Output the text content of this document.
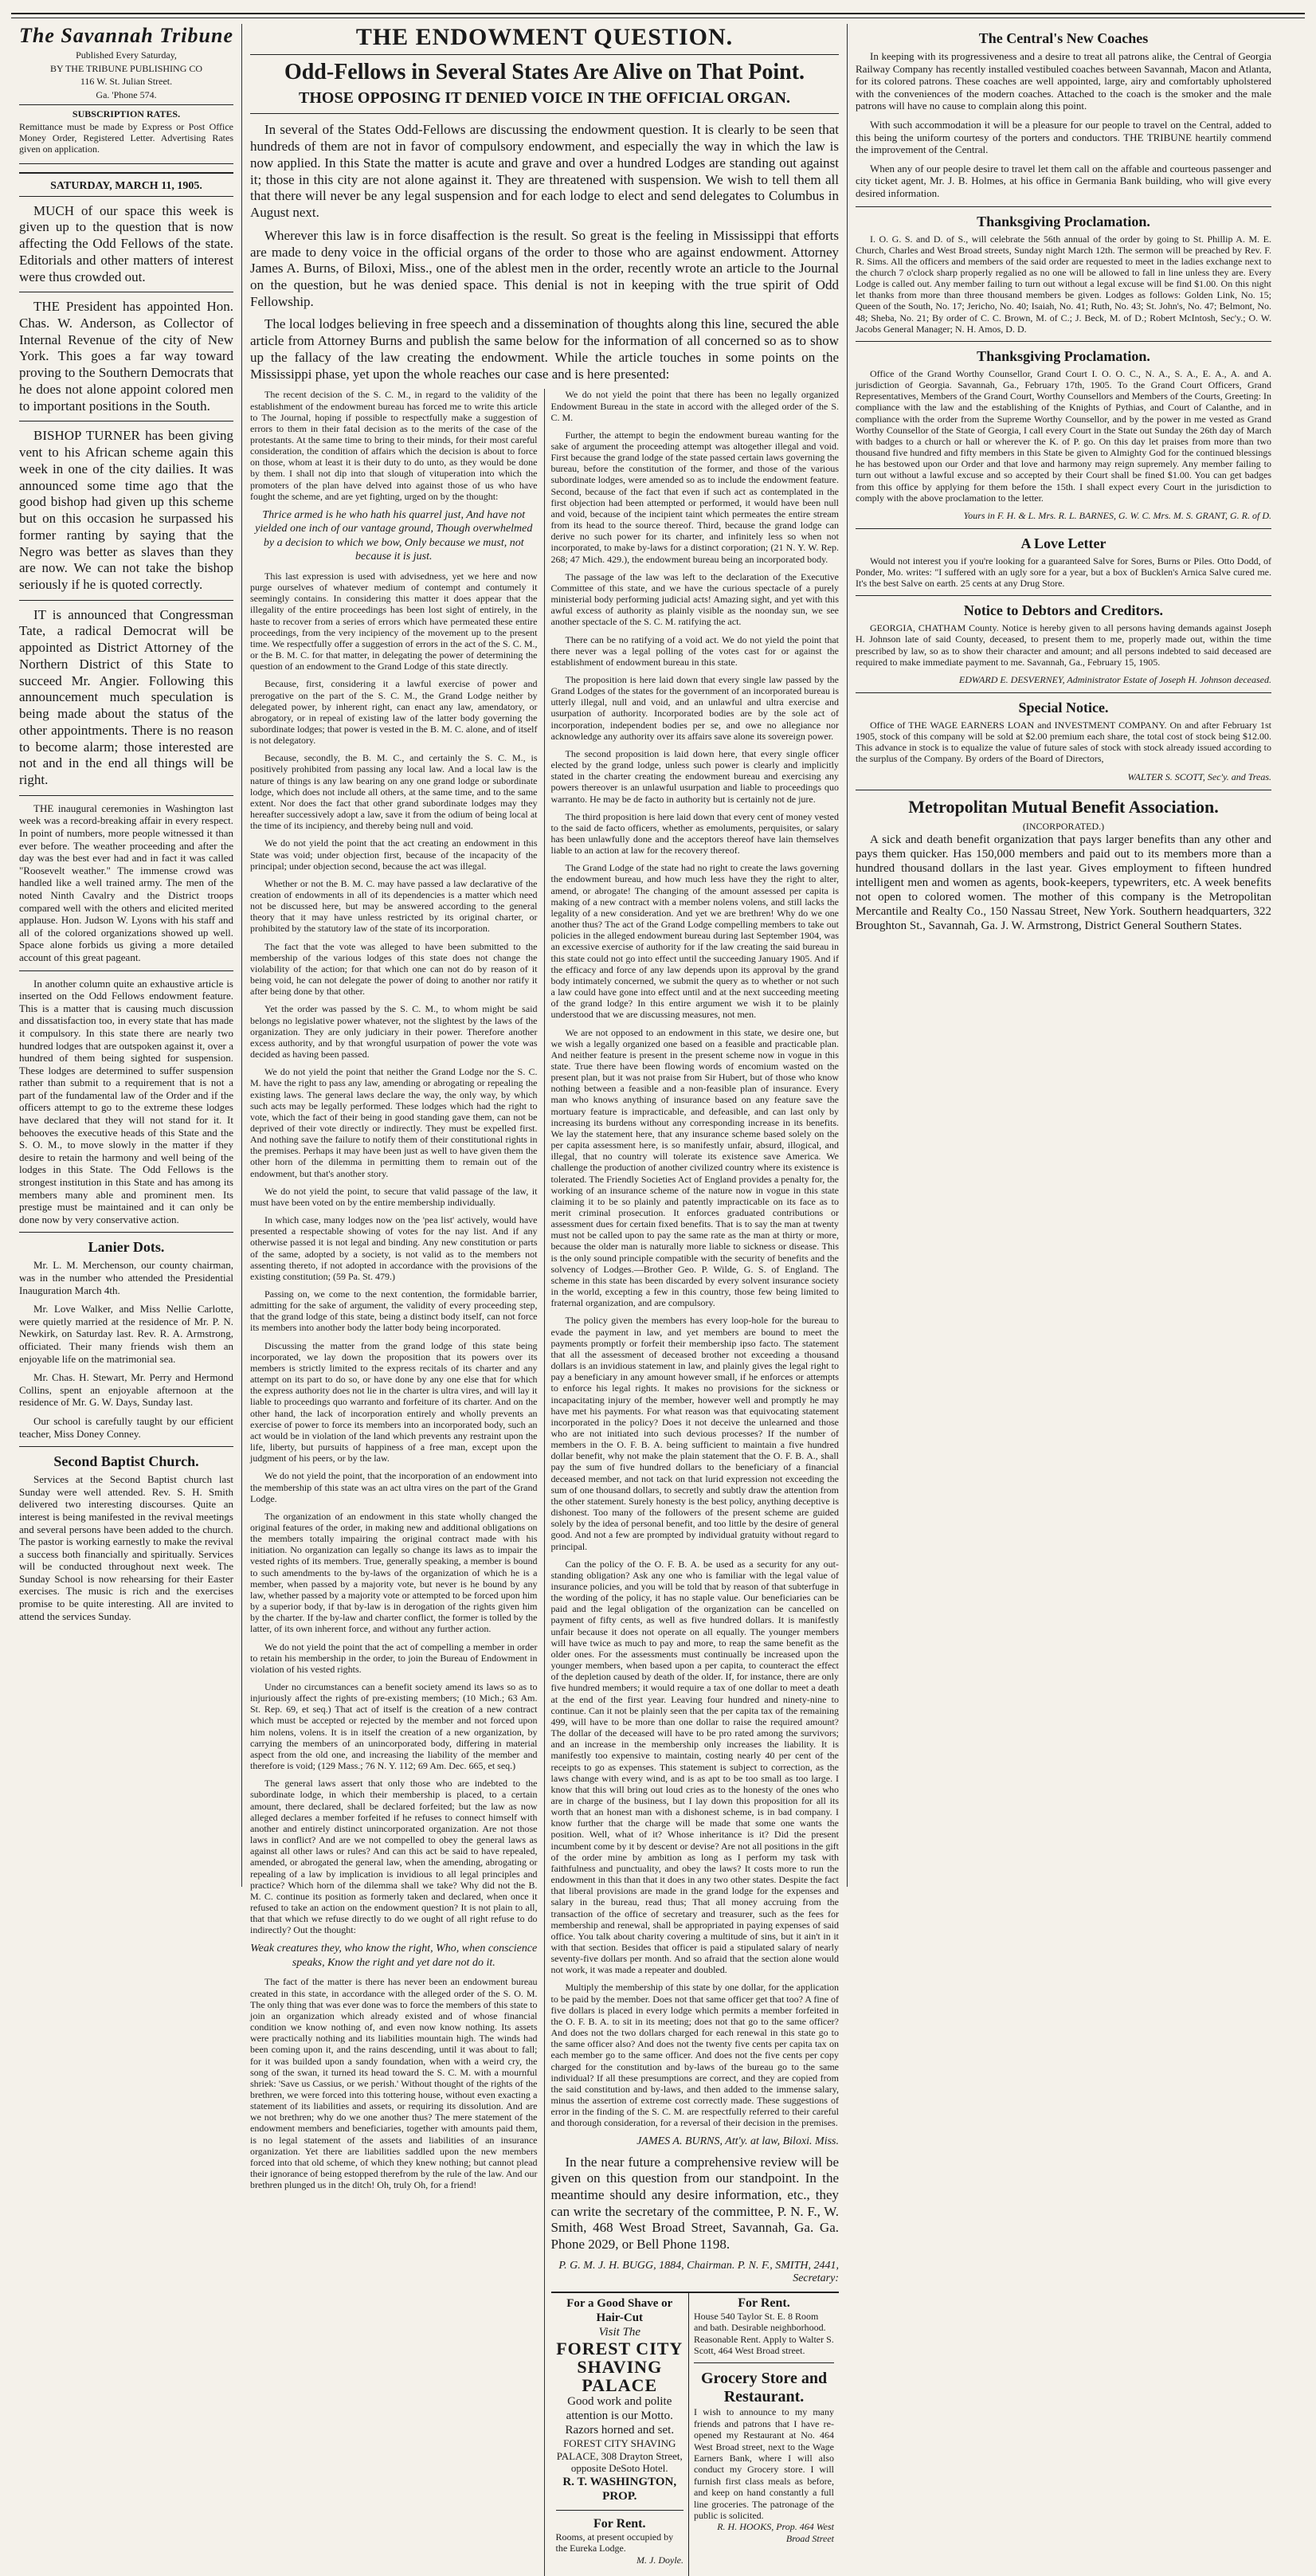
The Savannah Tribune

Published Every Saturday,

BY THE TRIBUNE PUBLISHING CO

116 W. St. Julian Street.

Ga. 'Phone 574.

SUBSCRIPTION RATES.

Remittance must be made by Express or Post Office Money Order, Registered Letter. Advertising Rates given on application.

SATURDAY, MARCH 11, 1905.

MUCH of our space this week is given up to the question that is now affecting the Odd Fellows of the state. Editorials and other matters of interest were thus crowded out.

THE President has appointed Hon. Chas. W. Anderson, as Collector of Internal Revenue of the city of New York. This goes a far way toward proving to the Southern Democrats that he does not alone appoint colored men to important positions in the South.

BISHOP TURNER has been giving vent to his African scheme again this week in one of the city dailies. It was announced some time ago that the good bishop had given up this scheme but on this occasion he surpassed his former ranting by saying that the Negro was better as slaves than they are now. We can not take the bishop seriously if he is quoted correctly.

IT is announced that Congressman Tate, a radical Democrat will be appointed as District Attorney of the Northern District of this State to succeed Mr. Angier. Following this announcement much speculation is being made about the status of the other appointments. There is no reason to become alarm; those interested are not and in the end all things will be right.

THE inaugural ceremonies in Washington last week was a record-breaking affair in every respect. In point of numbers, more people witnessed it than ever before. The weather proceeding and after the day was the best ever had and in fact it was called "Roosevelt weather." The immense crowd was handled like a well trained army. The men of the noted Ninth Cavalry and the District troops compared well with the others and elicited merited applause. Hon. Judson W. Lyons with his staff and all of the colored organizations showed up well. Space alone forbids us giving a more detailed account of this great pageant.

In another column quite an exhaustive article is inserted on the Odd Fellows endowment feature. This is a matter that is causing much discussion and dissatisfaction too, in every state that has made it compulsory. In this state there are nearly two hundred lodges that are outspoken against it, over a hundred of them being sighted for suspension. These lodges are determined to suffer suspension rather than submit to a requirement that is not a part of the fundamental law of the Order and if the officers attempt to go to the extreme these lodges have declared that they will not stand for it. It behooves the executive heads of this State and the S. O. M., to move slowly in the matter if they desire to retain the harmony and well being of the lodges in this State. The Odd Fellows is the strongest institution in this State and has among its members many able and prominent men. Its prestige must be maintained and it can only be done now by very conservative action.

Lanier Dots.

Mr. L. M. Merchenson, our county chairman, was in the number who attended the Presidential Inauguration March 4th.

Mr. Love Walker, and Miss Nellie Carlotte, were quietly married at the residence of Mr. P. N. Newkirk, on Saturday last. Rev. R. A. Armstrong, officiated. Their many friends wish them an enjoyable life on the matrimonial sea.

Mr. Chas. H. Stewart, Mr. Perry and Hermond Collins, spent an enjoyable afternoon at the residence of Mr. G. W. Days, Sunday last.

Our school is carefully taught by our efficient teacher, Miss Doney Conney.

Second Baptist Church.

Services at the Second Baptist church last Sunday were well attended. Rev. S. H. Smith delivered two interesting discourses. Quite an interest is being manifested in the revival meetings and several persons have been added to the church. The pastor is working earnestly to make the revival a success both financially and spiritually. Services will be conducted throughout next week. The Sunday School is now rehearsing for their Easter exercises. The music is rich and the exercises promise to be quite interesting. All are invited to attend the services Sunday.

THE ENDOWMENT QUESTION.
Odd-Fellows in Several States Are Alive on That Point.
THOSE OPPOSING IT DENIED VOICE IN THE OFFICIAL ORGAN.

In several of the States Odd-Fellows are discussing the endowment question. It is clearly to be seen that hundreds of them are not in favor of compulsory endowment, and especially the way in which the law is now applied. In this State the matter is acute and grave and over a hundred Lodges are standing out against it; those in this city are not alone against it. They are threatened with suspension. We wish to tell them all that there will never be any legal suspension and for each lodge to elect and send delegates to Columbus in August next.

Wherever this law is in force disaffection is the result. So great is the feeling in Mississippi that efforts are made to deny voice in the official organs of the order to those who are against endowment. Attorney James A. Burns, of Biloxi, Miss., one of the ablest men in the order, recently wrote an article to the Journal on the question, but he was denied space. This denial is not in keeping with the true spirit of Odd Fellowship.

The local lodges believing in free speech and a dissemination of thoughts along this line, secured the able article from Attorney Burns and publish the same below for the information of all concerned so as to show up the fallacy of the law creating the endowment. While the article touches in some points on the Mississippi phase, yet upon the whole reaches our case and is here presented:

The recent decision of the S. C. M., in regard to the validity of the establishment of the endowment bureau has forced me to write this article to The Journal, hoping if possible to respectfully make a suggestion of errors to them in their fatal decision as to the merits of the case of the protestants. At the same time to bring to their minds, for their most careful consideration, the condition of affairs which the decision is about to force on those, whom at least it is their duty to do unto, as they would be done by them. I shall not dip into that slough of vituperation into which the promoters of the plan have delved into against those of us who have fought the scheme, and are yet fighting, urged on by the thought:

Thrice armed is he who hath his quarrel just, And have not yielded one inch of our vantage ground, Though overwhelmed by a decision to which we bow, Only because we must, not because it is just.

This last expression is used with advisedness, yet we here and now purge ourselves of whatever medium of contempt and contumely it seemingly contains. In considering this matter it does appear that the illegality of the entire proceedings has been lost sight of entirely, in the haste to recover from a series of errors which have permeated these entire proceedings, from the very incipiency of the movement up to the present time. We respectfully offer a suggestion of errors in the act of the S. C. M., or the B. M. C. for that matter, in delegating the power of determining the question of an endowment to the Grand Lodge of this state directly.

Because, first, considering it a lawful exercise of power and prerogative on the part of the S. C. M., the Grand Lodge neither by delegated power, by inherent right, can enact any law, amendatory, or abrogatory, or in repeal of existing law of the latter body governing the subordinate lodges; that power is vested in the B. M. C. alone, and of itself is not delegatory.

Because, secondly, the B. M. C., and certainly the S. C. M., is positively prohibited from passing any local law. And a local law is the nature of things is any law bearing on any one grand lodge or subordinate lodge, which does not include all others, at the same time, and to the same extent. Nor does the fact that other grand subordinate lodges may they hereafter successively adopt a law, save it from the odium of being local at the time of its incipiency, and thereby being null and void.

We do not yield the point that the act creating an endowment in this State was void; under objection first, because of the incapacity of the principal; under objection second, because the act was illegal.

Whether or not the B. M. C. may have passed a law declarative of the creation of endowments in all of its dependencies is a matter which need not be discussed here, but may be answered according to the general theory that it may have unless restricted by its original charter, or prohibited by the statutory law of the state of its incorporation.

The fact that the vote was alleged to have been submitted to the membership of the various lodges of this state does not change the violability of the action; for that which one can not do by reason of it being void, he can not delegate the power of doing to another nor ratify it after being done by that other.

Yet the order was passed by the S. C. M., to whom might be said belongs no legislative power whatever, not the slightest by the laws of the organization. They are only judiciary in their power. Therefore another excess authority, and by that wrongful usurpation of power the vote was decided as having been passed.

We do not yield the point that neither the Grand Lodge nor the S. C. M. have the right to pass any law, amending or abrogating or repealing the existing laws. The general laws declare the way, the only way, by which such acts may be legally performed. These lodges which had the right to vote, which the fact of their being in good standing gave them, can not be deprived of their vote directly or indirectly. They must be expelled first. And nothing save the failure to notify them of their constitutional rights in the premises. Perhaps it may have been just as well to have given them the other horn of the dilemma in permitting them to remain out of the endowment, but that's another story.

We do not yield the point, to secure that valid passage of the law, it must have been voted on by the entire membership individually.

In which case, many lodges now on the 'pea list' actively, would have presented a respectable showing of votes for the nay list. And if any otherwise passed it is not legal and binding. Any new constitution or parts of the same, adopted by a society, is not valid as to the members not assenting thereto, if not adopted in accordance with the provisions of the existing constitution; (59 Pa. St. 479.)

Passing on, we come to the next contention, the formidable barrier, admitting for the sake of argument, the validity of every proceeding step, that the grand lodge of this state, being a distinct body itself, can not force its members into another body the latter body being incorporated.

Discussing the matter from the grand lodge of this state being incorporated, we lay down the proposition that its powers over its members is strictly limited to the express recitals of its charter and any attempt on its part to do so, or have done by any one else that for which the express authority does not lie in the charter is ultra vires, and will lay it liable to proceedings quo warranto and forfeiture of its charter. And on the other hand, the lack of incorporation entirely and wholly prevents an exercise of power to force its members into an incorporated body, such an act would be in violation of the land which prevents any restraint upon the life, liberty, but pursuits of happiness of a free man, except upon the judgment of his peers, or by the law.

We do not yield the point, that the incorporation of an endowment into the membership of this state was an act ultra vires on the part of the Grand Lodge.

The organization of an endowment in this state wholly changed the original features of the order, in making new and additional obligations on the members totally impairing the original contract made with his initiation. No organization can legally so change its laws as to impair the vested rights of its members. True, generally speaking, a member is bound to such amendments to the by-laws of the organization of which he is a member, when passed by a majority vote, but never is he bound by any law, whether passed by a majority vote or attempted to be forced upon him by a superior body, if that by-law is in derogation of the rights given him by the charter. If the by-law and charter conflict, the former is tolled by the latter, of its own inherent force, and without any further action.

We do not yield the point that the act of compelling a member in order to retain his membership in the order, to join the Bureau of Endowment in violation of his vested rights.

Under no circumstances can a benefit society amend its laws so as to injuriously affect the rights of pre-existing members; (10 Mich.; 63 Am. St. Rep. 69, et seq.) That act of itself is the creation of a new contract which must be accepted or rejected by the member and not forced upon him nolens, volens. It is in itself the creation of a new organization, by carrying the members of an unincorporated body, differing in material aspect from the old one, and increasing the liability of the member and therefore is void; (129 Mass.; 76 N. Y. 112; 69 Am. Dec. 665, et seq.)

The general laws assert that only those who are indebted to the subordinate lodge, in which their membership is placed, to a certain amount, there declared, shall be declared forfeited; but the law as now alleged declares a member forfeited if he refuses to connect himself with another and entirely distinct unincorporated organization. Are not those laws in conflict? And are we not compelled to obey the general laws as against all other laws or rules? And can this act be said to have repealed, amended, or abrogated the general law, when the amending, abrogating or repealing of a law by implication is invidious to all legal principles and practice? Which horn of the dilemma shall we take? Why did not the B. M. C. continue its position as formerly taken and declared, when once it refused to take an action on the endowment question? It is not plain to all, that that which we refuse directly to do we ought of all right refuse to do indirectly? Out the thought:

Weak creatures they, who know the right, Who, when conscience speaks, Know the right and yet dare not do it.

The fact of the matter is there has never been an endowment bureau created in this state, in accordance with the alleged order of the S. O. M. The only thing that was ever done was to force the members of this state to join an organization which already existed and of whose financial condition we know nothing of, and even now know nothing. Its assets were practically nothing and its liabilities mountain high. The winds had been coming upon it, and the rains descending, until it was about to fall; for it was builded upon a sandy foundation, when with a weird cry, the song of the swan, it turned its head toward the S. C. M. with a mournful shriek: 'Save us Cassius, or we perish.' Without thought of the rights of the brethren, we were forced into this tottering house, without even exacting a statement of its liabilities and assets, or requiring its dissolution. And are we not brethren; why do we one another thus? The mere statement of the endowment members and beneficiaries, together with amounts paid them, is no legal statement of the assets and liabilities of an insurance organization. Yet there are liabilities saddled upon the new members forced into that old scheme, of which they knew nothing; but cannot plead their ignorance of being estopped therefrom by the rule of the law. And our brethren plunged us in the ditch! Oh, truly Oh, for a friend!

We do not yield the point that there has been no legally organized Endowment Bureau in the state in accord with the alleged order of the S. C. M.

Further, the attempt to begin the endowment bureau wanting for the sake of argument the proceeding attempt was altogether illegal and void. First because the grand lodge of the state passed certain laws governing the bureau, before the constitution of the former, and those of the various subordinate lodges, were amended so as to include the endowment feature. Second, because of the fact that even if such act as contemplated in the first objection had been attempted or performed, it would have been null and void, because of the incipient taint which permeates the entire stream from its head to the source thereof. Third, because the grand lodge can derive no such power for its charter, and infinitely less so when not incorporated, to make by-laws for a distinct corporation; (21 N. Y. W. Rep. 268; 47 Mich. 429.), the endowment bureau being an incorporated body.

The passage of the law was left to the declaration of the Executive Committee of this state, and we have the curious spectacle of a purely ministerial body performing judicial acts! Amazing sight, and yet with this awful excess of authority as plainly visible as the noonday sun, we see another spectacle of the S. C. M. ratifying the act.

There can be no ratifying of a void act. We do not yield the point that there never was a legal polling of the votes cast for or against the establishment of endowment bureau in this state.

The proposition is here laid down that every single law passed by the Grand Lodges of the states for the government of an incorporated bureau is utterly illegal, null and void, and an unlawful and ultra exercise and usurpation of authority. Incorporated bodies are by the sole act of incorporation, independent bodies per se, and owe no allegiance nor acknowledge any authority over its affairs save alone its sovereign power.

The second proposition is laid down here, that every single officer elected by the grand lodge, unless such power is clearly and implicitly stated in the charter creating the endowment bureau and exercising any powers thereover is an unlawful usurpation and liable to proceedings quo warranto. He may be de facto in authority but is certainly not de jure.

The third proposition is here laid down that every cent of money vested to the said de facto officers, whether as emoluments, perquisites, or salary has been unlawfully done and the acceptors thereof have lain themselves liable to an action at law for the recovery thereof.

The Grand Lodge of the state had no right to create the laws governing the endowment bureau, and how much less have they the right to alter, amend, or abrogate! The changing of the amount assessed per capita is making of a new contract with a member nolens volens, and still lacks the legality of a new consideration. And yet we are brethren! Why do we one another thus? The act of the Grand Lodge compelling members to take out policies in the alleged endowment bureau during last September 1904, was an excessive exercise of authority for if the law creating the said bureau in this state could not go into effect until the succeeding January 1905. And if the efficacy and force of any law depends upon its approval by the grand body intimately concerned, we submit the query as to whether or not such a law could have gone into effect until and at the next succeeding meeting of the grand lodge? In this entire argument we wish it to be plainly understood that we are discussing measures, not men.

We are not opposed to an endowment in this state, we desire one, but we wish a legally organized one based on a feasible and practicable plan. And neither feature is present in the present scheme now in vogue in this state. True there have been flowing words of encomium wasted on the present plan, but it was not praise from Sir Hubert, but of those who know nothing between a feasible and a non-feasible plan of insurance. Every man who knows anything of insurance based on any feature save the mortuary feature is impracticable, and defeasible, and can last only by increasing its burdens without any corresponding increase in its benefits. We lay the statement here, that any insurance scheme based solely on the per capita assessment here, is so manifestly unfair, absurd, illogical, and illegal, that no country will tolerate its existence save America. We challenge the production of another civilized country where its existence is tolerated. The Friendly Societies Act of England provides a penalty for, the working of an insurance scheme of the nature now in vogue in this state claiming it to be so plainly and patently impracticable on its face as to merit criminal prosecution. It enforces graduated contributions or assessment dues for certain fixed benefits. That is to say the man at twenty must not be called upon to pay the same rate as the man at thirty or more, because the older man is naturally more liable to sickness or disease. This is the only sound principle compatible with the security of benefits and the solvency of Lodges.—Brother Geo. P. Wilde, G. S. of England. The scheme in this state has been discarded by every solvent insurance society in the world, excepting a few in this country, those few being limited to fraternal organization, and are compulsory.

The policy given the members has every loop-hole for the bureau to evade the payment in law, and yet members are bound to meet the payments promptly or forfeit their membership ipso facto. The statement that all the assessment of deceased brother not exceeding a thousand dollars is an invidious statement in law, and plainly gives the legal right to pay a beneficiary in any amount however small, if he enforces or attempts to enforce his legal rights. It makes no provisions for the sickness or incapacitating injury of the member, however well and promptly he may have met his payments. For what reason was that equivocating statement incorporated in the policy? Does it not deceive the unlearned and those who are not initiated into such devious processes? If the number of members in the O. F. B. A. being sufficient to maintain a five hundred dollar benefit, why not make the plain statement that the O. F. B. A., shall pay the sum of five hundred dollars to the beneficiary of a financial deceased member, and not tack on that lurid expression not exceeding the sum of one thousand dollars, to secretly and subtly draw the attention from the other statement. Surely honesty is the best policy, anything deceptive is dishonest. Too many of the followers of the present scheme are guided solely by the idea of personal benefit, and too little by the desire of general good. And not a few are prompted by individual gratuity without regard to principal.

Can the policy of the O. F. B. A. be used as a security for any out-standing obligation? Ask any one who is familiar with the legal value of insurance policies, and you will be told that by reason of that subterfuge in the wording of the policy, it has no staple value. Our beneficiaries can be paid and the legal obligation of the organization can be cancelled on payment of fifty cents, as well as five hundred dollars. It is manifestly unfair because it does not operate on all equally. The younger members will have twice as much to pay and more, to reap the same benefit as the older ones. For the assessments must continually be increased upon the younger members, when based upon a per capita, to counteract the effect of the depletion caused by death of the older. If, for instance, there are only five hundred members; it would require a tax of one dollar to meet a death at the end of the first year. Leaving four hundred and ninety-nine to continue. Can it not be plainly seen that the per capita tax of the remaining 499, will have to be more than one dollar to raise the required amount? The dollar of the deceased will have to be pro rated among the survivors; and an increase in the membership only increases the liability. It is manifestly too expensive to maintain, costing nearly 40 per cent of the receipts to go as expenses. This statement is subject to correction, as the laws change with every wind, and is as apt to be too small as too large. I know that this will bring out loud cries as to the honesty of the ones who are in charge of the business, but I lay down this proposition for all its worth that an honest man with a dishonest scheme, is in bad company. I know further that the charge will be made that some one wants the position. Well, what of it? Whose inheritance is it? Did the present incumbent come by it by descent or devise? Are not all positions in the gift of the order mine by ambition as long as I perform my task with faithfulness and punctuality, and obey the laws? It costs more to run the endowment in this than that it does in any two other states. Despite the fact that liberal provisions are made in the grand lodge for the expenses and salary in the bureau, read thus; That all money accruing from the transaction of the office of secretary and treasurer, such as the fees for membership and renewal, shall be appropriated in paying expenses of said office. You talk about charity covering a multitude of sins, but it ain't in it with that section. Besides that officer is paid a stipulated salary of nearly seventy-five dollars per month. And so afraid that the section alone would not work, it was made a repeater and doubled.

Multiply the membership of this state by one dollar, for the application to be paid by the member. Does not that same officer get that too? A fine of five dollars is placed in every lodge which permits a member forfeited in the O. F. B. A. to sit in its meeting; does not that go to the same officer? And does not the two dollars charged for each renewal in this state go to the same officer also? And does not the twenty five cents per capita tax on each member go to the same officer. And does not the five cents per copy charged for the constitution and by-laws of the bureau go to the same individual? If all these presumptions are correct, and they are copied from the said constitution and by-laws, and then added to the immense salary, minus the assertion of extreme cost correctly made. These suggestions of error in the finding of the S. C. M. are respectfully referred to their careful and thorough consideration, for a reversal of their decision in the premises.

JAMES A. BURNS, Att'y. at law, Biloxi. Miss.

In the near future a comprehensive review will be given on this question from our standpoint. In the meantime should any desire information, etc., they can write the secretary of the committee, P. N. F., W. Smith, 468 West Broad Street, Savannah, Ga. Ga. Phone 2029, or Bell Phone 1198.

P. G. M. J. H. BUGG, 1884, Chairman. P. N. F., SMITH, 2441, Secretary:
For a Good Shave or Hair-Cut
Visit The
FOREST CITY SHAVING PALACE
Good work and polite attention is our Motto. Razors horned and set.
FOREST CITY SHAVING PALACE, 308 Drayton Street, opposite DeSoto Hotel.
R. T. WASHINGTON, PROP.
For Rent.
Rooms, at present occupied by the Eureka Lodge.
M. J. Doyle.
For Rent.
House 540 Taylor St. E. 8 Room and bath. Desirable neighborhood. Reasonable Rent. Apply to Walter S. Scott, 464 West Broad street.
Grocery Store and Restaurant.
I wish to announce to my many friends and patrons that I have re-opened my Restaurant at No. 464 West Broad street, next to the Wage Earners Bank, where I will also conduct my Grocery store. I will furnish first class meals as before, and keep on hand constantly a full line groceries. The patronage of the public is solicited.
R. H. HOOKS, Prop. 464 West Broad Street
The Central's New Coaches

In keeping with its progressiveness and a desire to treat all patrons alike, the Central of Georgia Railway Company has recently installed vestibuled coaches between Savannah, Macon and Atlanta, for its colored patrons. These coaches are well appointed, large, airy and comfortably upholstered with the conveniences of the modern coaches. Attached to the coach is the smoker and the male patrons will have no cause to complain along this point.

With such accommodation it will be a pleasure for our people to travel on the Central, added to this being the uniform courtesy of the porters and conductors. THE TRIBUNE heartily commend the improvement of the Central.

When any of our people desire to travel let them call on the affable and courteous passenger and city ticket agent, Mr. J. B. Holmes, at his office in Germania Bank building, who will give every desired information.

Thanksgiving Proclamation.

I. O. G. S. and D. of S., will celebrate the 56th annual of the order by going to St. Phillip A. M. E. Church, Charles and West Broad streets, Sunday night March 12th. The sermon will be preached by Rev. F. R. Sims. All the officers and members of the said order are requested to meet in the ladies exchange next to the church 7 o'clock sharp properly regalied as no one will be allowed to fall in line unless they are. Every Lodge is called out. Any member failing to turn out without a legal excuse will be find $1.00. On this night let thanks from more than three thousand members be given. Lodges as follows: Golden Link, No. 15; Queen of the South, No. 17; Jericho, No. 40; Isaiah, No. 41; Ruth, No. 43; St. John's, No. 47; Belmont, No. 48; Sheba, No. 21; By order of C. C. Brown, M. of C.; J. Beck, M. of D.; Robert McIntosh, Sec'y.; O. W. Jacobs General Manager; N. H. Amos, D. D.

Thanksgiving Proclamation.

Office of the Grand Worthy Counsellor, Grand Court I. O. O. C., N. A., S. A., E. A., A. and A. jurisdiction of Georgia. Savannah, Ga., February 17th, 1905. To the Grand Court Officers, Grand Representatives, Members of the Grand Court, Worthy Counsellors and Members of the Courts, Greeting: In compliance with the law and the establishing of the Knights of Pythias, and Court of Calanthe, and in compliance with the order from the Supreme Worthy Counsellor, and by the power in me vested as Grand Worthy Counsellor of the State of Georgia, I call every Court in the State out Sunday the 26th day of March with badges to a church or hall or wherever the K. of P. go. On this day let praises from more than two thousand five hundred and fifty members in this State be given to Almighty God for the continued blessings he has bestowed upon our Order and that love and harmony may reign supremely. Any member failing to turn out without a lawful excuse and so accepted by their Court shall be fined $1.00. You can get badges from this office by applying for them before the 15th. I shall expect every Court in the jurisdiction to comply with the above proclamation to the letter.

Yours in F. H. & L. Mrs. R. L. BARNES, G. W. C. Mrs. M. S. GRANT, G. R. of D.
A Love Letter

Would not interest you if you're looking for a guaranteed Salve for Sores, Burns or Piles. Otto Dodd, of Ponder, Mo. writes: "I suffered with an ugly sore for a year, but a box of Bucklen's Arnica Salve cured me. It's the best Salve on earth. 25 cents at any Drug Store.

Notice to Debtors and Creditors.

GEORGIA, CHATHAM County. Notice is hereby given to all persons having demands against Joseph H. Johnson late of said County, deceased, to present them to me, properly made out, within the time prescribed by law, so as to show their character and amount; and all persons indebted to said deceased are required to make immediate payment to me. Savannah, Ga., February 15, 1905.

EDWARD E. DESVERNEY, Administrator Estate of Joseph H. Johnson deceased.
Special Notice.

Office of THE WAGE EARNERS LOAN and INVESTMENT COMPANY. On and after February 1st 1905, stock of this company will be sold at $2.00 premium each share, the total cost of stock being $12.00. This advance in stock is to equalize the value of future sales of stock with stock already issued according to the surplus of the Company. By orders of the Board of Directors,

WALTER S. SCOTT, Sec'y. and Treas.
Metropolitan Mutual Benefit Association.
(INCORPORATED.)

A sick and death benefit organization that pays larger benefits than any other and pays them quicker. Has 150,000 members and paid out to its members more than a hundred thousand dollars in the last year. Gives employment to fifteen hundred intelligent men and women as agents, book-keepers, typewriters, etc. A week benefits not open to colored women. The mother of this company is the Metropolitan Mercantile and Realty Co., 150 Nassau Street, New York. Southern headquarters, 322 Broughton St., Savannah, Ga. J. W. Armstrong, District General Southern States.
